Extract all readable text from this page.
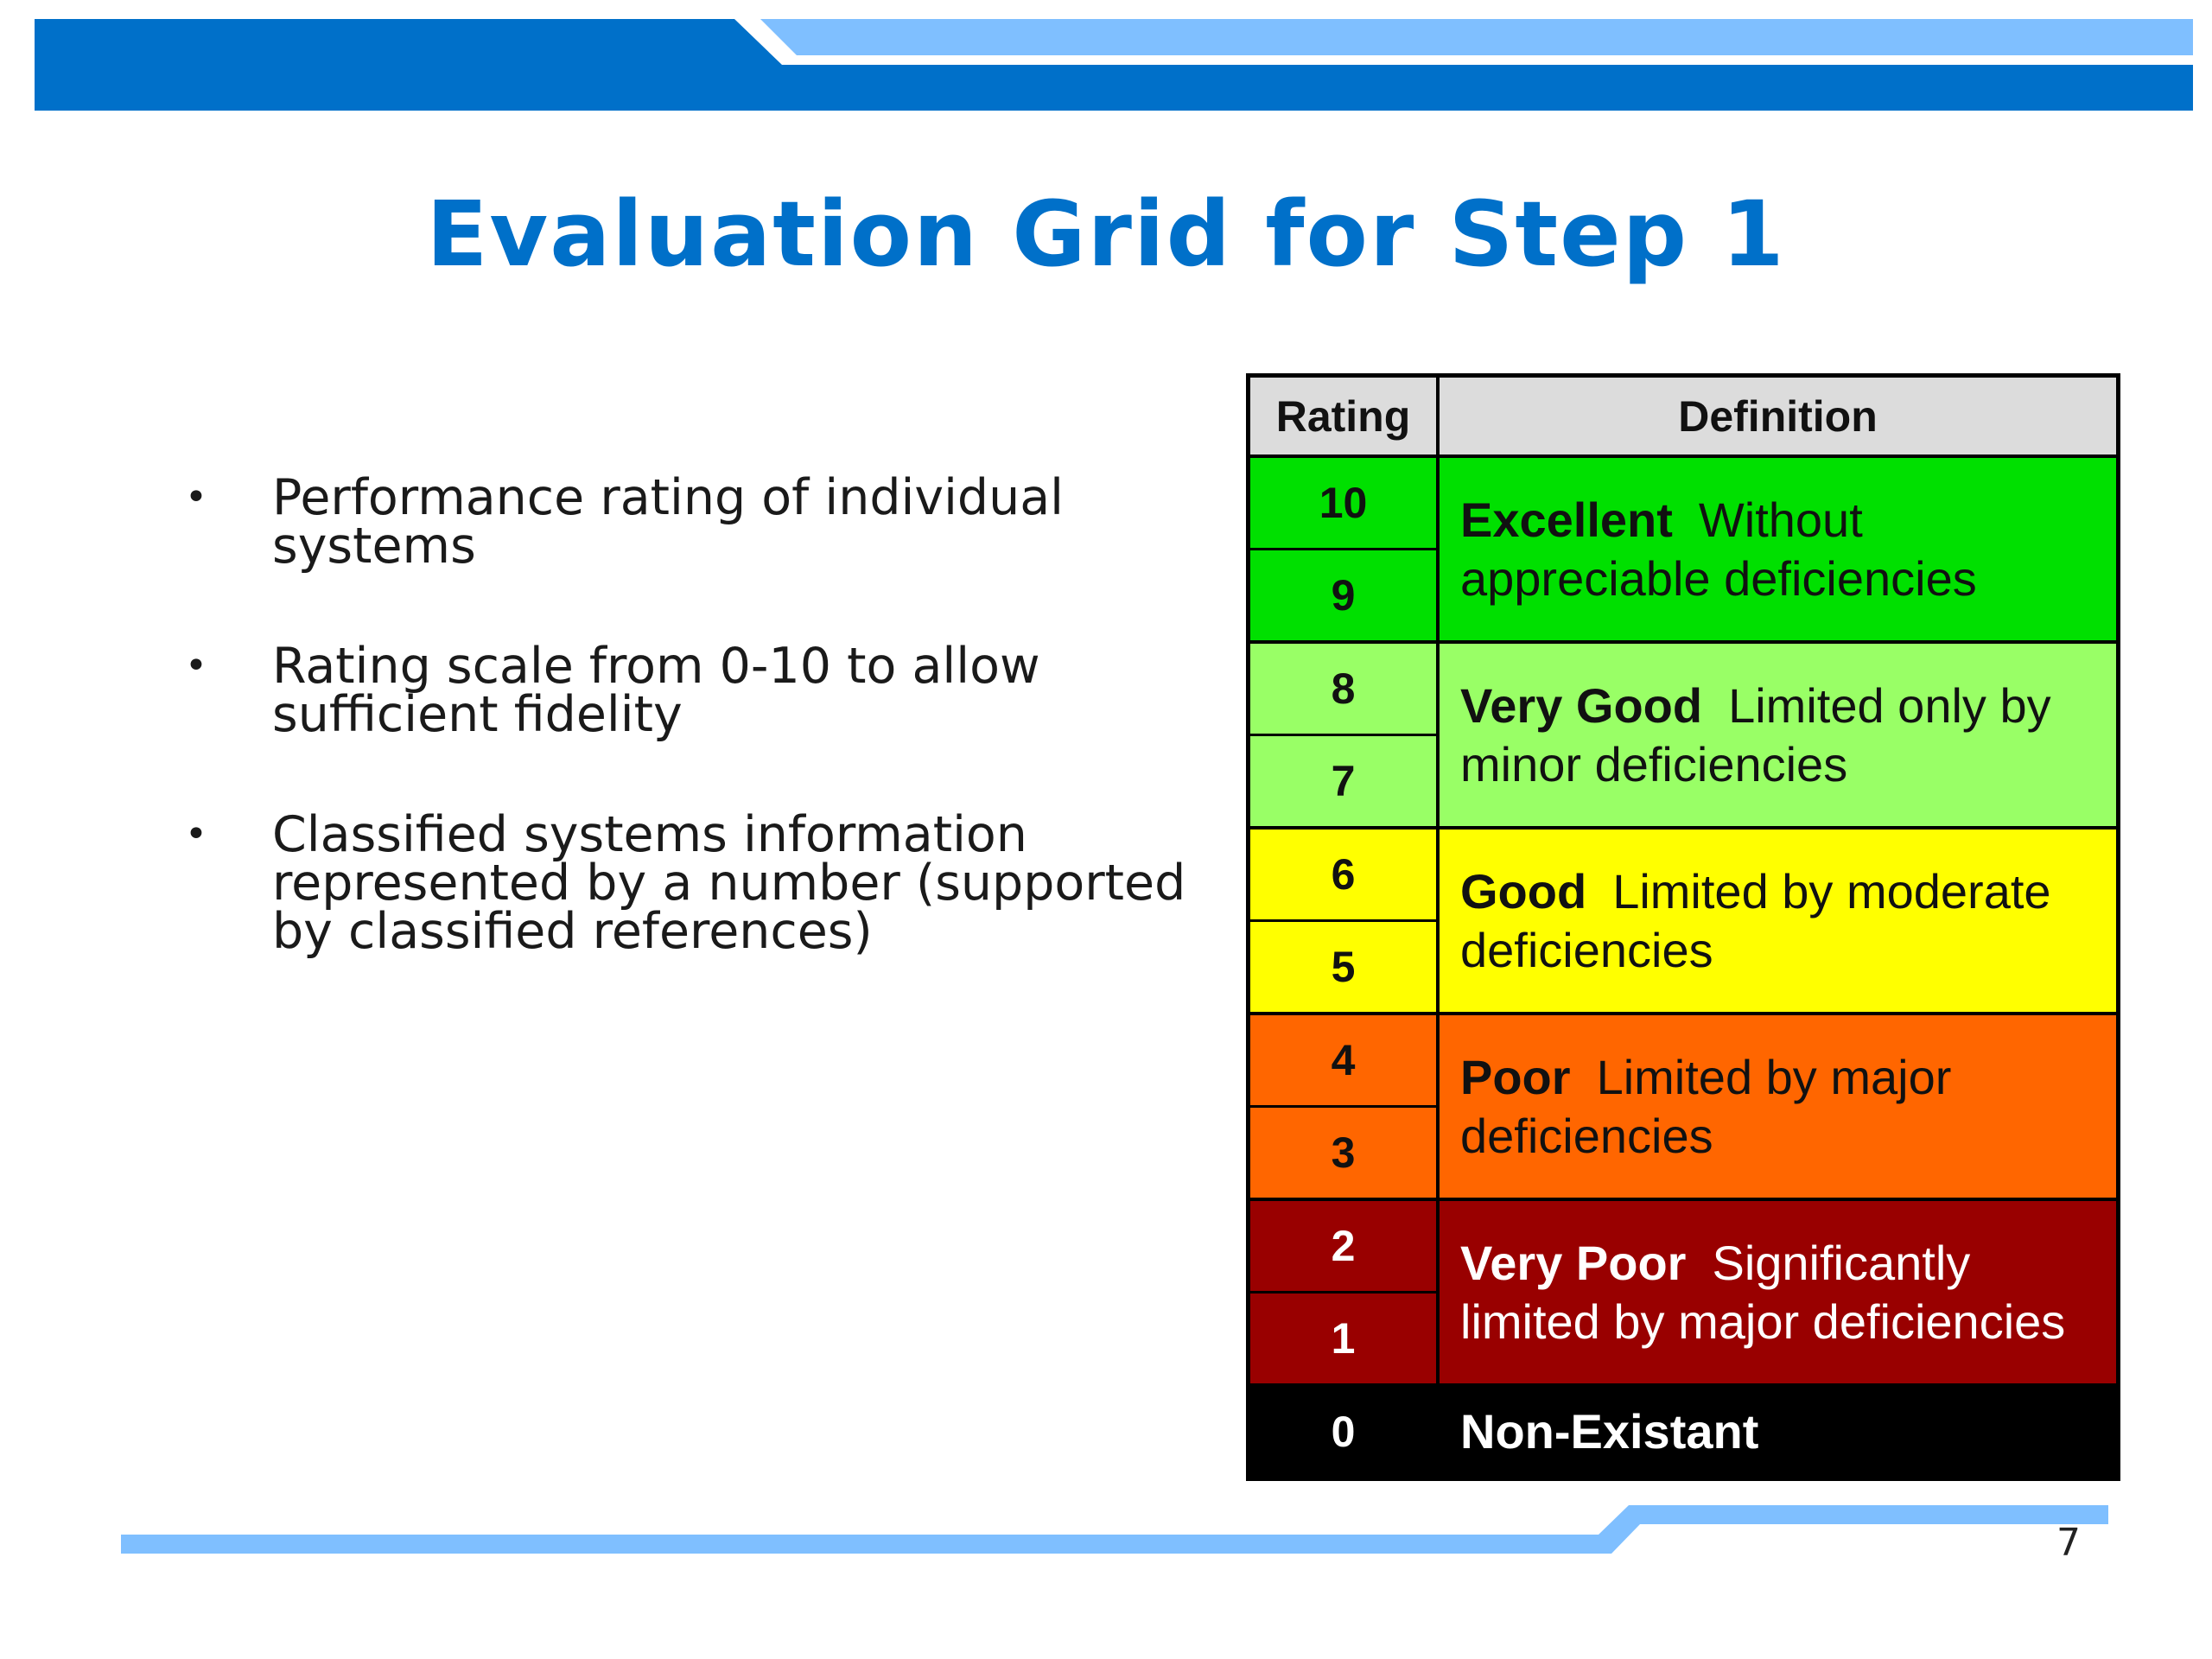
Evaluation Grid for Step 1
• Performance rating of individual systems
• Rating scale from 0-10 to allow sufficient fidelity
• Classified systems information represented by a number (supported by classified references)
Rating	Definition
10
9
Excellent Without appreciable deficiencies
8
7
Very Good Limited only by minor deficiencies
6
5
Good Limited by moderate deficiencies
4
3
Poor Limited by major deficiencies
2
1
Very Poor Significantly limited by major deficiencies
0	Non-Existant
7
